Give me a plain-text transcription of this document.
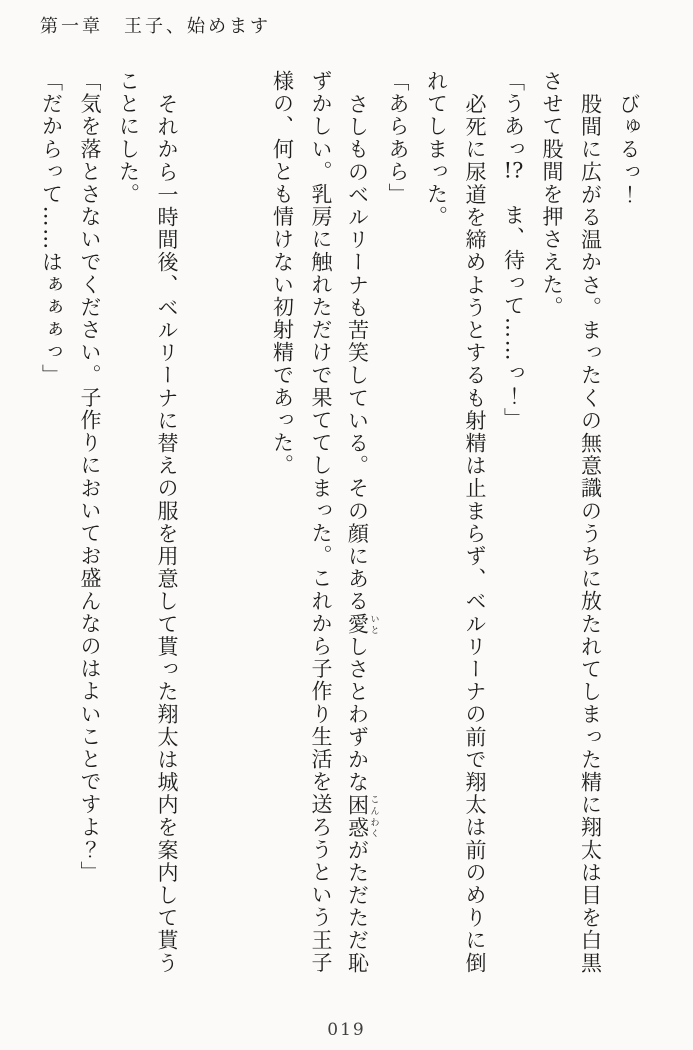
第一章　王子、始めます
びゅるっ！
股間に広がる温かさ。まったくの無意識のうちに放たれてしまった精に翔太は目を白黒
させて股間を押さえた。
「うあっ!?　ま、待って……っ！」
必死に尿道を締めようとするも射精は止まらず、ベルリーナの前で翔太は前のめりに倒
れてしまった。
「あらあら」
さしものベルリーナも苦笑している。その顔にある愛 いとしさとわずかな困惑 こんわくがただただ恥
ずかしい。乳房に触れただけで果ててしまった。これから子作り生活を送ろうという王子
様の、何とも情けない初射精であった。
それから一時間後、ベルリーナに替えの服を用意して貰った翔太は城内を案内して貰う
ことにした。
「気を落とさないでください。子作りにおいてお盛んなのはよいことですよ？」
「だからって……はぁぁぁっ」
019
